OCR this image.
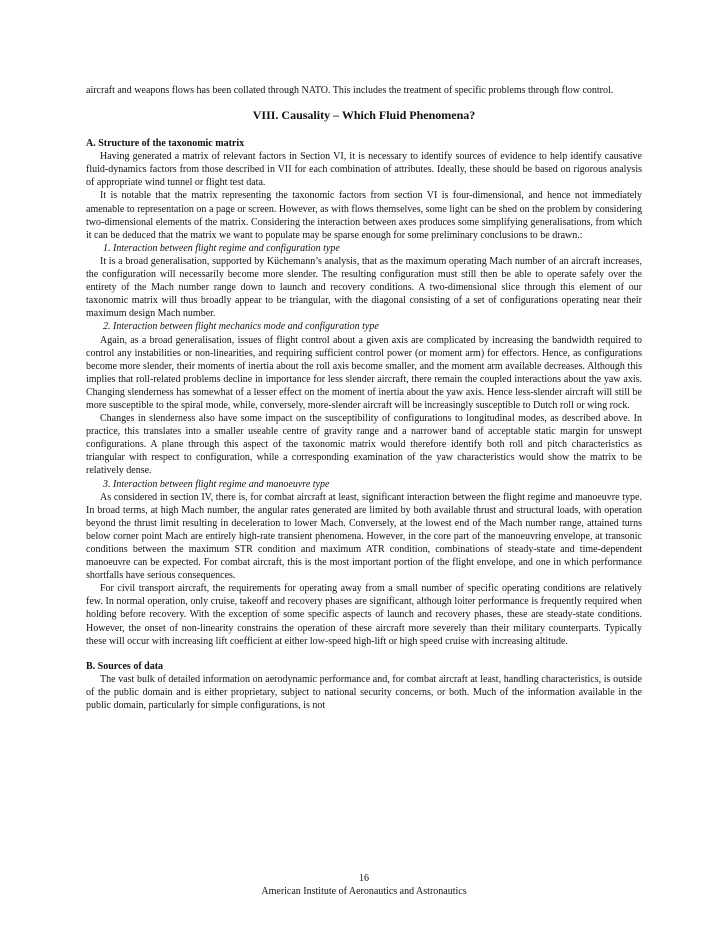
aircraft and weapons flows has been collated through NATO. This includes the treatment of specific problems through flow control.

VIII. Causality – Which Fluid Phenomena?
A. Structure of the taxonomic matrix

Having generated a matrix of relevant factors in Section VI, it is necessary to identify sources of evidence to help identify causative fluid-dynamics factors from those described in VII for each combination of attributes. Ideally, these should be based on rigorous analysis of appropriate wind tunnel or flight test data.

It is notable that the matrix representing the taxonomic factors from section VI is four-dimensional, and hence not immediately amenable to representation on a page or screen. However, as with flows themselves, some light can be shed on the problem by considering two-dimensional elements of the matrix. Considering the interaction between axes produces some simplifying generalisations, from which it can be deduced that the matrix we want to populate may be sparse enough for some preliminary conclusions to be drawn.:

1. Interaction between flight regime and configuration type

It is a broad generalisation, supported by Küchemann’s analysis, that as the maximum operating Mach number of an aircraft increases, the configuration will necessarily become more slender. The resulting configuration must still then be able to operate safely over the entirety of the Mach number range down to launch and recovery conditions. A two-dimensional slice through this element of our taxonomic matrix will thus broadly appear to be triangular, with the diagonal consisting of a set of configurations operating near their maximum design Mach number.

2. Interaction between flight mechanics mode and configuration type

Again, as a broad generalisation, issues of flight control about a given axis are complicated by increasing the bandwidth required to control any instabilities or non-linearities, and requiring sufficient control power (or moment arm) for effectors. Hence, as configurations become more slender, their moments of inertia about the roll axis become smaller, and the moment arm available decreases. Although this implies that roll-related problems decline in importance for less slender aircraft, there remain the coupled interactions about the yaw axis. Changing slenderness has somewhat of a lesser effect on the moment of inertia about the yaw axis. Hence less-slender aircraft will still be more susceptible to the spiral mode, while, conversely, more-slender aircraft will be increasingly susceptible to Dutch roll or wing rock.

Changes in slenderness also have some impact on the susceptibility of configurations to longitudinal modes, as described above. In practice, this translates into a smaller useable centre of gravity range and a narrower band of acceptable static margin for unswept configurations. A plane through this aspect of the taxonomic matrix would therefore identify both roll and pitch characteristics as triangular with respect to configuration, while a corresponding examination of the yaw characteristics would show the matrix to be relatively dense.

3. Interaction between flight regime and manoeuvre type

As considered in section IV, there is, for combat aircraft at least, significant interaction between the flight regime and manoeuvre type. In broad terms, at high Mach number, the angular rates generated are limited by both available thrust and structural loads, with operation beyond the thrust limit resulting in deceleration to lower Mach. Conversely, at the lowest end of the Mach number range, attained turns below corner point Mach are entirely high-rate transient phenomena. However, in the core part of the manoeuvring envelope, at transonic conditions between the maximum STR condition and maximum ATR condition, combinations of steady-state and time-dependent manoeuvre can be expected. For combat aircraft, this is the most important portion of the flight envelope, and one in which performance shortfalls have serious consequences.

For civil transport aircraft, the requirements for operating away from a small number of specific operating conditions are relatively few. In normal operation, only cruise, takeoff and recovery phases are significant, although loiter performance is frequently required when holding before recovery. With the exception of some specific aspects of launch and recovery phases, these are steady-state conditions. However, the onset of non-linearity constrains the operation of these aircraft more severely than their military counterparts. Typically these will occur with increasing lift coefficient at either low-speed high-lift or high speed cruise with increasing altitude.

B. Sources of data

The vast bulk of detailed information on aerodynamic performance and, for combat aircraft at least, handling characteristics, is outside of the public domain and is either proprietary, subject to national security concerns, or both. Much of the information available in the public domain, particularly for simple configurations, is not

16
American Institute of Aeronautics and Astronautics
